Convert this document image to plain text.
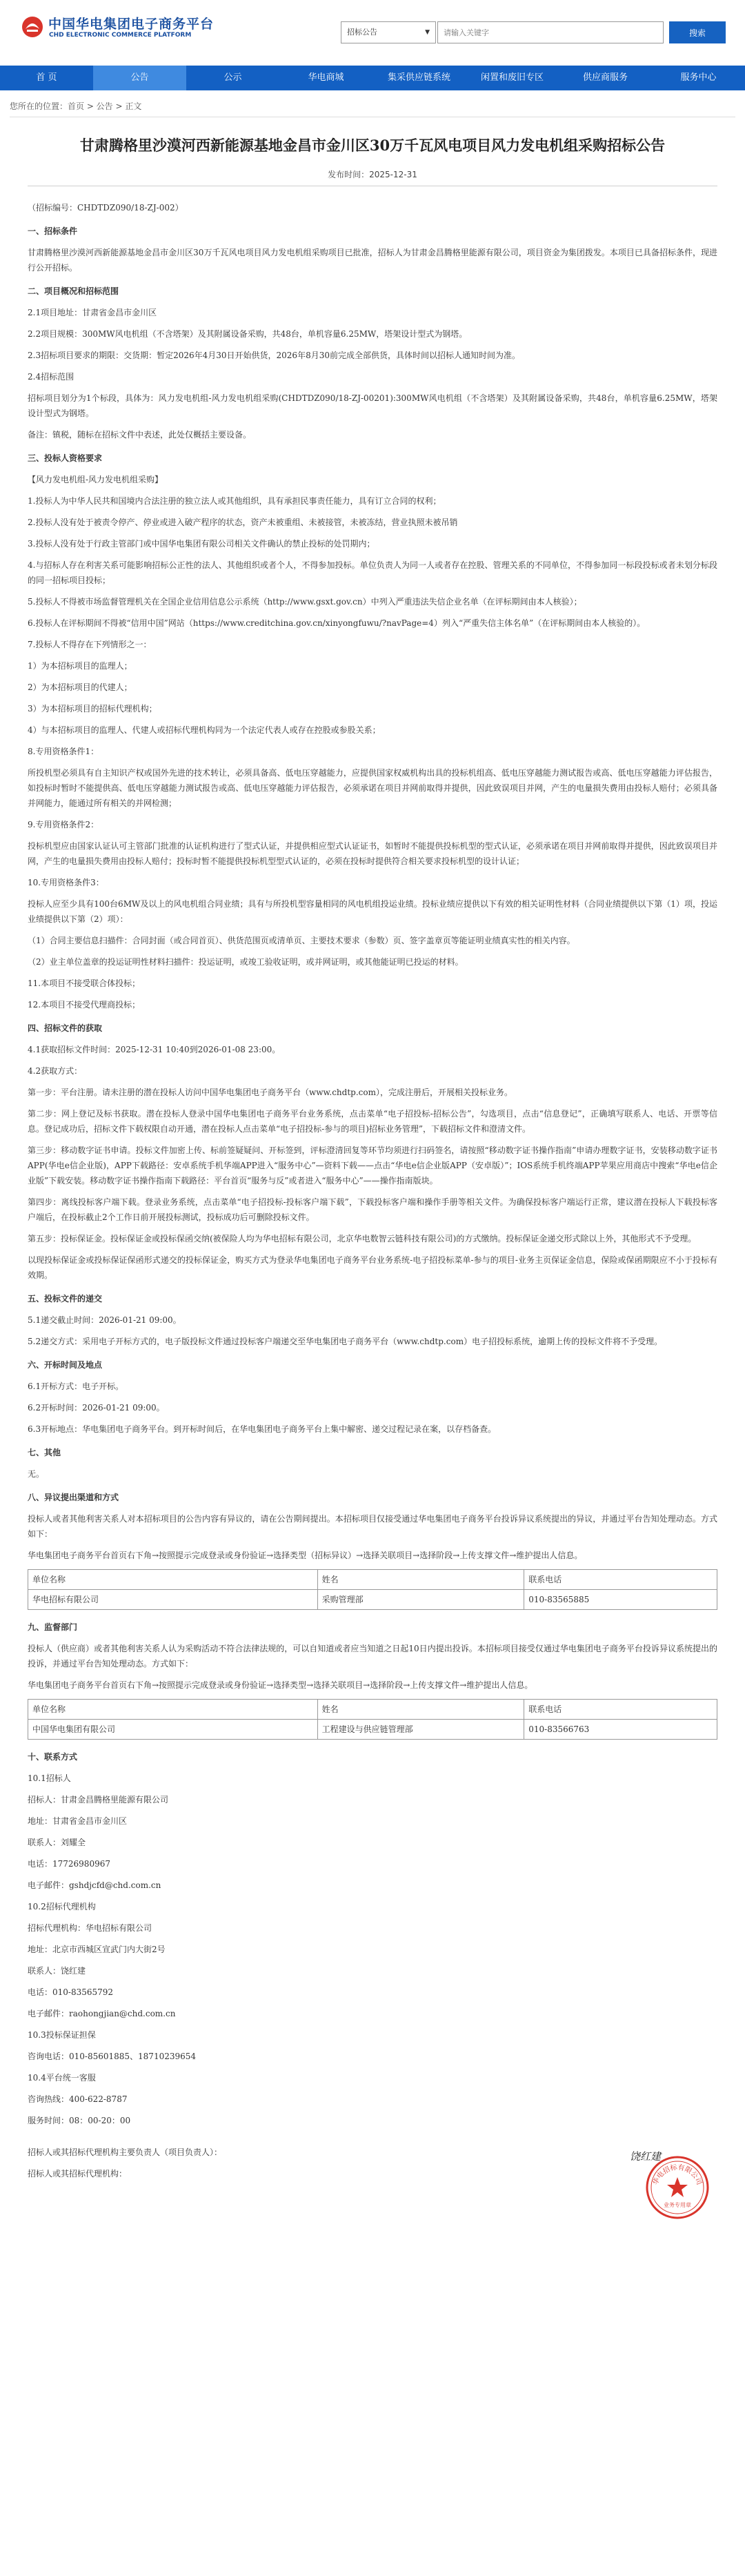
中国华电集团电子商务平台
CHD ELECTRONIC COMMERCE PLATFORM	招标公告	▼
请输入关键字	搜索
首 页	公告	公示	华电商城	集采供应链系统	闲置和废旧专区	供应商服务	服务中心
您所在的位置：首页 > 公告 > 正文
甘肃腾格里沙漠河西新能源基地金昌市金川区30万千瓦风电项目风力发电机组采购招标公告
发布时间：2025-12-31

（招标编号：CHDTDZ090/18-ZJ-002）

一、招标条件

甘肃腾格里沙漠河西新能源基地金昌市金川区30万千瓦风电项目风力发电机组采购项目已批准，招标人为甘肃金昌腾格里能源有限公司，项目资金为集团拨发。本项目已具备招标条件，现进行公开招标。

二、项目概况和招标范围

2.1项目地址：甘肃省金昌市金川区

2.2项目规模：300MW风电机组（不含塔架）及其附属设备采购，共48台，单机容量6.25MW，塔架设计型式为钢塔。

2.3招标项目要求的期限：交货期：暂定2026年4月30日开始供货，2026年8月30前完成全部供货，具体时间以招标人通知时间为准。

2.4招标范围

招标项目划分为1个标段，具体为：风力发电机组-风力发电机组采购(CHDTDZ090/18-ZJ-00201):300MW风电机组（不含塔架）及其附属设备采购，共48台，单机容量6.25MW，塔架设计型式为钢塔。

备注：镇税，随标在招标文件中表述，此处仅概括主要设备。

三、投标人资格要求

【风力发电机组-风力发电机组采购】

1.投标人为中华人民共和国境内合法注册的独立法人或其他组织，具有承担民事责任能力，具有订立合同的权利；

2.投标人没有处于被责令停产、停业或进入破产程序的状态，资产未被重组、未被接管，未被冻结，营业执照未被吊销

3.投标人没有处于行政主管部门或中国华电集团有限公司相关文件确认的禁止投标的处罚期内；

4.与招标人存在利害关系可能影响招标公正性的法人、其他组织或者个人，不得参加投标。单位负责人为同一人或者存在控股、管理关系的不同单位，不得参加同一标段投标或者未划分标段的同一招标项目投标；

5.投标人不得被市场监督管理机关在全国企业信用信息公示系统（http://www.gsxt.gov.cn）中列入严重违法失信企业名单（在评标期间由本人核验）；

6.投标人在评标期间不得被“信用中国”网站（https://www.creditchina.gov.cn/xinyongfuwu/?navPage=4）列入“严重失信主体名单”（在评标期间由本人核验的）。

7.投标人不得存在下列情形之一：

1）为本招标项目的监理人；

2）为本招标项目的代建人；

3）为本招标项目的招标代理机构；

4）与本招标项目的监理人、代建人或招标代理机构同为一个法定代表人或存在控股或参股关系；

8.专用资格条件1：

所投机型必须具有自主知识产权或国外先进的技术转让，必须具备高、低电压穿越能力，应提供国家权威机构出具的投标机组高、低电压穿越能力测试报告或高、低电压穿越能力评估报告，如投标时暂时不能提供高、低电压穿越能力测试报告或高、低电压穿越能力评估报告，必须承诺在项目并网前取得并提供，因此致误项目并网，产生的电量损失费用由投标人赔付；必须具备并网能力，能通过所有相关的并网检测；

9.专用资格条件2：

投标机型应由国家认证认可主管部门批准的认证机构进行了型式认证，并提供相应型式认证证书，如暂时不能提供投标机型的型式认证，必须承诺在项目并网前取得并提供，因此致误项目并网，产生的电量损失费用由投标人赔付；投标时暂不能提供投标机型型式认证的，必须在投标时提供符合相关要求投标机型的设计认证；

10.专用资格条件3：

投标人应至少具有100台6MW及以上的风电机组合同业绩；具有与所投机型容量相同的风电机组投运业绩。投标业绩应提供以下有效的相关证明性材料（合同业绩提供以下第（1）项，投运业绩提供以下第（2）项）：

（1）合同主要信息扫描件：合同封面（或合同首页）、供货范围页或清单页、主要技术要求（参数）页、签字盖章页等能证明业绩真实性的相关内容。

（2）业主单位盖章的投运证明性材料扫描件：投运证明，或竣工验收证明，或并网证明，或其他能证明已投运的材料。

11.本项目不接受联合体投标；

12.本项目不接受代理商投标；

四、招标文件的获取

4.1获取招标文件时间：2025-12-31 10:40到2026-01-08 23:00。

4.2获取方式：

第一步：平台注册。请未注册的潜在投标人访问中国华电集团电子商务平台（www.chdtp.com），完成注册后，开展相关投标业务。

第二步：网上登记及标书获取。潜在投标人登录中国华电集团电子商务平台业务系统，点击菜单“电子招投标-招标公告”，勾选项目，点击“信息登记”，正确填写联系人、电话、开票等信息。登记成功后，招标文件下载权限自动开通，潜在投标人点击菜单“电子招投标-参与的项目)招标业务管理”，下载招标文件和澄清文件。

第三步：移动数字证书申请。投标文件加密上传、标前签疑疑问、开标签到，评标澄清回复等环节均须进行扫码签名，请按照“移动数字证书操作指南”申请办理数字证书，安装移动数字证书APP(华电e信企业版)，APP下载路径：安卓系统手机华端APP进入“服务中心”—资料下载——点击“华电e信企业版APP（安卓版）”；IOS系统手机终端APP苹果应用商店中搜索“华电e信企业版”下载安装。移动数字证书操作指南下载路径：平台首页“服务与反”或者进入“服务中心”——操作指南版块。

第四步：离线投标客户端下载。登录业务系统，点击菜单“电子招投标-投标客户端下载”，下载投标客户端和操作手册等相关文件。为确保投标客户端运行正常，建议潜在投标人下载投标客户端后，在投标截止2个工作日前开展投标测试，投标成功后可删除投标文件。

第五步：投标保证金。投标保证金或投标保函交纳(被保险人均为华电招标有限公司，北京华电数智云链科技有限公司)的方式缴纳。投标保证金递交形式除以上外，其他形式不予受理。

以现投标保证金或投标保证保函形式递交的投标保证金，购买方式为登录华电集团电子商务平台业务系统-电子招投标菜单-参与的项目-业务主页保证金信息，保险或保函期限应不小于投标有效期。

五、投标文件的递交

5.1递交截止时间：2026-01-21 09:00。

5.2递交方式：采用电子开标方式的，电子版投标文件通过投标客户端递交至华电集团电子商务平台（www.chdtp.com）电子招投标系统，逾期上传的投标文件将不予受理。

六、开标时间及地点

6.1开标方式：电子开标。

6.2开标时间：2026-01-21 09:00。

6.3开标地点：华电集团电子商务平台。到开标时间后，在华电集团电子商务平台上集中解密、递交过程记录在案，以存档备查。

七、其他

无。

八、异议提出渠道和方式

投标人或者其他利害关系人对本招标项目的公告内容有异议的，请在公告期间提出。本招标项目仅接受通过华电集团电子商务平台投诉异议系统提出的异议，并通过平台告知处理动态。方式如下：

华电集团电子商务平台首页右下角→按照提示完成登录或身份验证→选择类型（招标异议）→选择关联项目→选择阶段→上传支撑文件→维护提出人信息。

单位名称	姓名	联系电话
华电招标有限公司	采购管理部	010-83565885

九、监督部门

投标人（供应商）或者其他利害关系人认为采购活动不符合法律法规的，可以自知道或者应当知道之日起10日内提出投诉。本招标项目接受仅通过华电集团电子商务平台投诉异议系统提出的投诉，并通过平台告知处理动态。方式如下：

华电集团电子商务平台首页右下角→按照提示完成登录或身份验证→选择类型→选择关联项目→选择阶段→上传支撑文件→维护提出人信息。

单位名称	姓名	联系电话
中国华电集团有限公司	工程建设与供应链管理部	010-83566763

十、联系方式

10.1招标人

招标人：甘肃金昌腾格里能源有限公司

地址：甘肃省金昌市金川区

联系人：刘耀全

电话：17726980967

电子邮件：gshdjcfd@chd.com.cn

10.2招标代理机构

招标代理机构：华电招标有限公司

地址：北京市西城区宣武门内大街2号

联系人：饶红建

电话：010-83565792

电子邮件：raohongjian@chd.com.cn

10.3投标保证担保

咨询电话：010-85601885、18710239654

10.4平台统一客服

咨询热线：400-622-8787

服务时间：08：00-20：00

招标人或其招标代理机构主要负责人（项目负责人）：	饶红建

招标人或其招标代理机构：

华电招标有限公司
业务专用章
